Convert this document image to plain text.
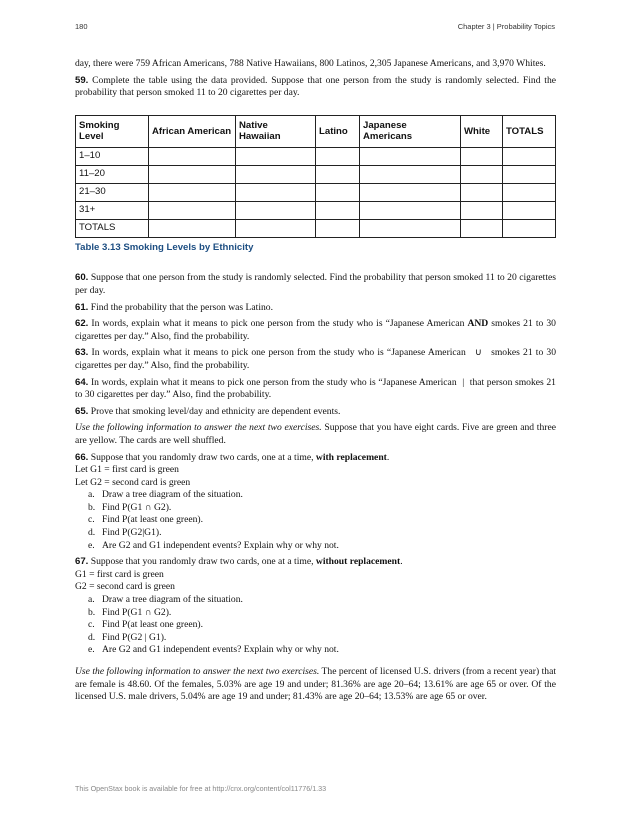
180	Chapter 3 | Probability Topics

day, there were 759 African Americans, 788 Native Hawaiians, 800 Latinos, 2,305 Japanese Americans, and 3,970 Whites.

59. Complete the table using the data provided. Suppose that one person from the study is randomly selected. Find the probability that person smoked 11 to 20 cigarettes per day.

Smoking Level	African American	Native Hawaiian	Latino	Japanese Americans	White	TOTALS
1–10						
11–20						
21–30						
31+						
TOTALS						
Table 3.13 Smoking Levels by Ethnicity

60. Suppose that one person from the study is randomly selected. Find the probability that person smoked 11 to 20 cigarettes per day.

61. Find the probability that the person was Latino.

62. In words, explain what it means to pick one person from the study who is “Japanese American AND smokes 21 to 30 cigarettes per day.” Also, find the probability.

63. In words, explain what it means to pick one person from the study who is “Japanese American ∪ smokes 21 to 30 cigarettes per day.” Also, find the probability.

64. In words, explain what it means to pick one person from the study who is “Japanese American | that person smokes 21 to 30 cigarettes per day.” Also, find the probability.

65. Prove that smoking level/day and ethnicity are dependent events.

Use the following information to answer the next two exercises. Suppose that you have eight cards. Five are green and three are yellow. The cards are well shuffled.

66. Suppose that you randomly draw two cards, one at a time, with replacement.

Let G1 = first card is green
Let G2 = second card is green
a. Draw a tree diagram of the situation.
b. Find P(G1 ∩ G2).
c. Find P(at least one green).
d. Find P(G2|G1).
e. Are G2 and G1 independent events? Explain why or why not.

67. Suppose that you randomly draw two cards, one at a time, without replacement.

G1 = first card is green
G2 = second card is green
a. Draw a tree diagram of the situation.
b. Find P(G1 ∩ G2).
c. Find P(at least one green).
d. Find P(G2 | G1).
e. Are G2 and G1 independent events? Explain why or why not.

Use the following information to answer the next two exercises. The percent of licensed U.S. drivers (from a recent year) that are female is 48.60. Of the females, 5.03% are age 19 and under; 81.36% are age 20–64; 13.61% are age 65 or over. Of the licensed U.S. male drivers, 5.04% are age 19 and under; 81.43% are age 20–64; 13.53% are age 65 or over.

This OpenStax book is available for free at http://cnx.org/content/col11776/1.33
